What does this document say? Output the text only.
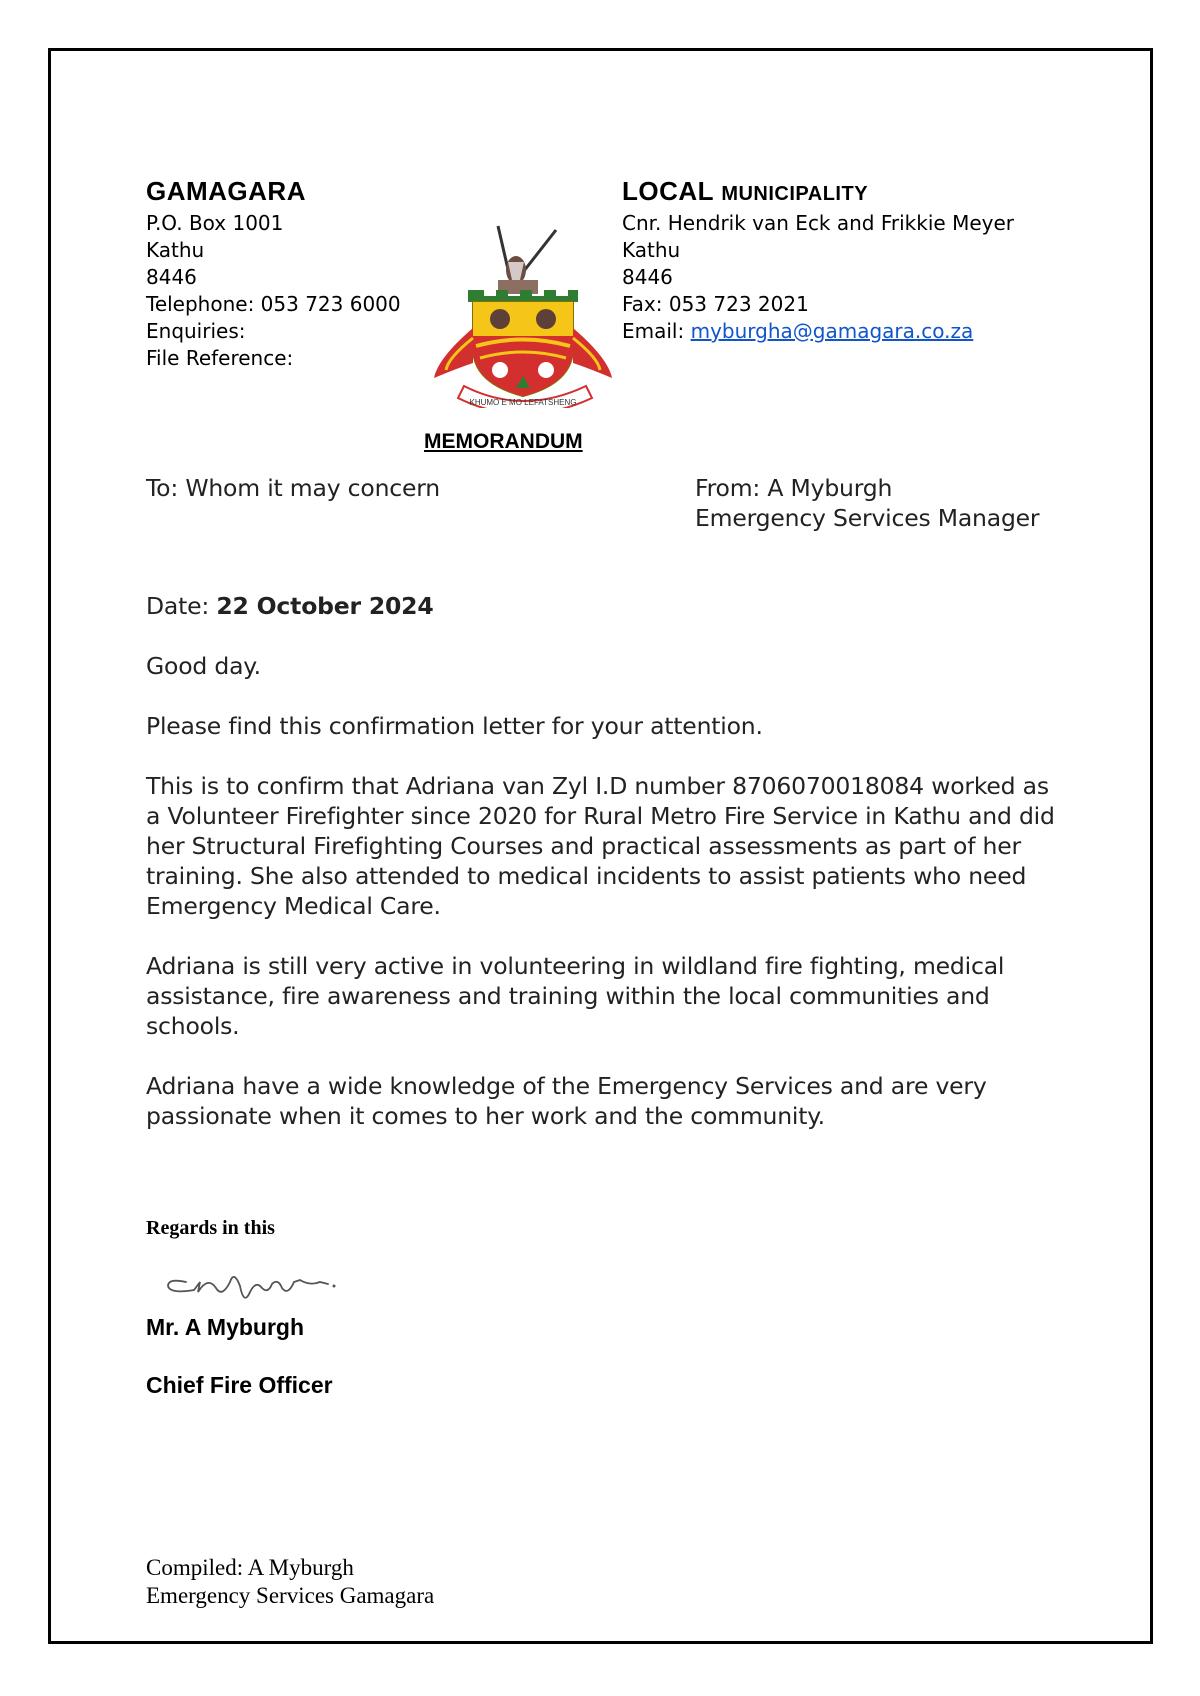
GAMAGARA
P.O. Box 1001
Kathu
8446
Telephone: 053 723 6000
Enquiries:
File Reference:
KHUMO E MO LEFATSHENG
LOCAL MUNICIPALITY
Cnr. Hendrik van Eck and Frikkie Meyer
Kathu
8446
Fax: 053 723 2021
Email: myburgha@gamagara.co.za
MEMORANDUM
To: Whom it may concern	From: A Myburgh
Emergency Services Manager
Date: 22 October 2024
Good day.
Please find this confirmation letter for your attention.
This is to confirm that Adriana van Zyl I.D number 8706070018084 worked as a Volunteer Firefighter since 2020 for Rural Metro Fire Service in Kathu and did her Structural Firefighting Courses and practical assessments as part of her training. She also attended to medical incidents to assist patients who need Emergency Medical Care.
Adriana is still very active in volunteering in wildland fire fighting, medical assistance, fire awareness and training within the local communities and schools.
Adriana have a wide knowledge of the Emergency Services and are very passionate when it comes to her work and the community.
Regards in this
Mr. A Myburgh
Chief Fire Officer
Compiled: A Myburgh
Emergency Services Gamagara
